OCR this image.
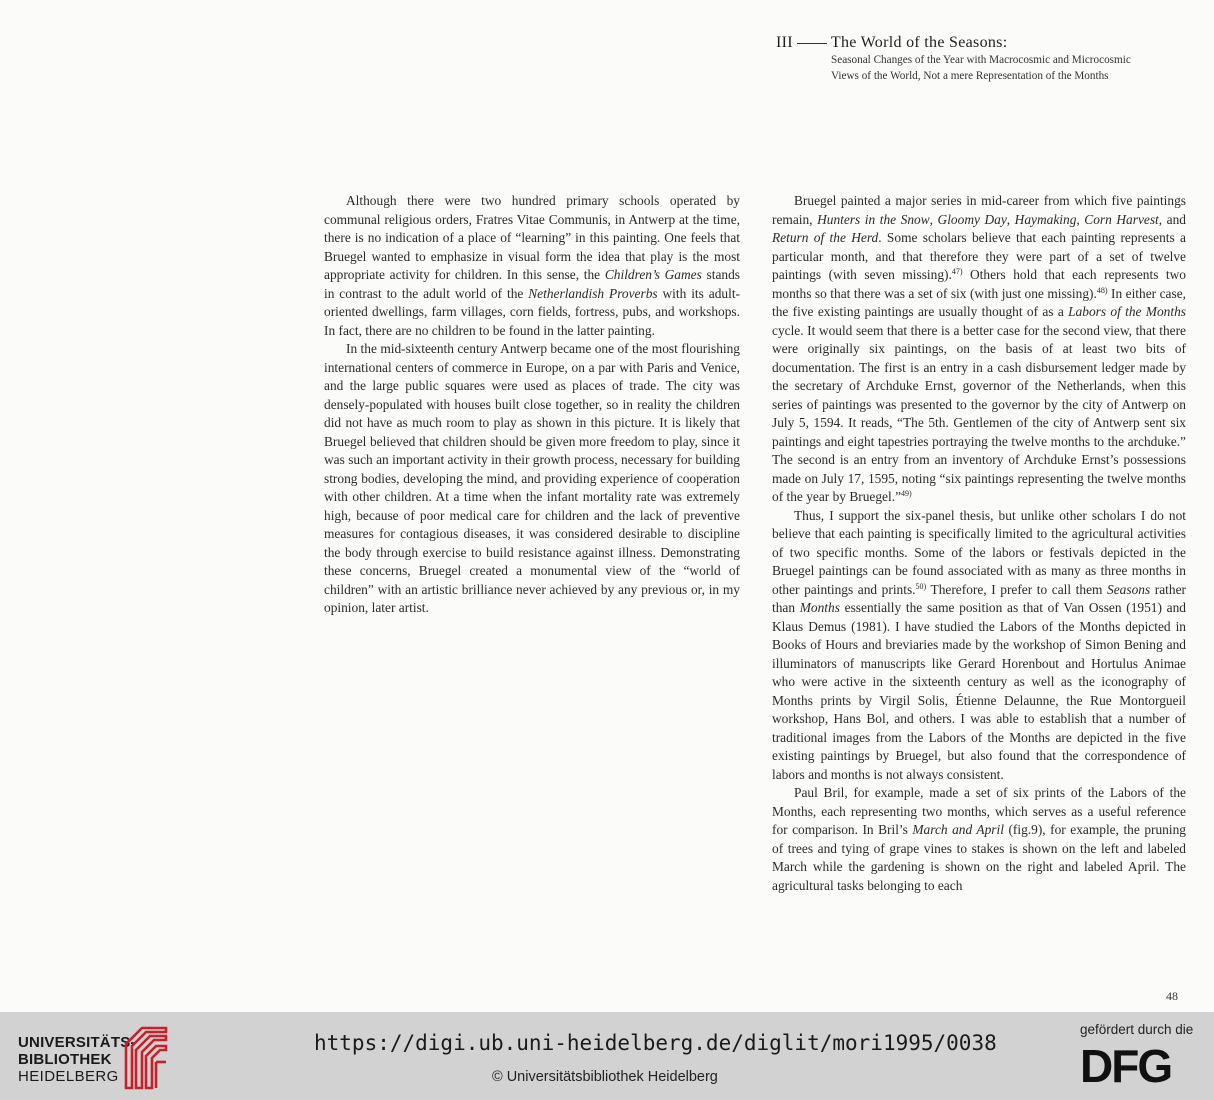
III The World of the Seasons:
Seasonal Changes of the Year with Macrocosmic and Microcosmic
Views of the World, Not a mere Representation of the Months

Although there were two hundred primary schools operated by communal religious orders, Fratres Vitae Communis, in Antwerp at the time, there is no indication of a place of “learning” in this painting. One feels that Bruegel wanted to emphasize in visual form the idea that play is the most appropriate activity for children. In this sense, the Children’s Games stands in contrast to the adult world of the Netherlandish Proverbs with its adult-oriented dwellings, farm villages, corn fields, fortress, pubs, and workshops. In fact, there are no children to be found in the latter painting.

In the mid-sixteenth century Antwerp became one of the most flourishing international centers of commerce in Europe, on a par with Paris and Venice, and the large public squares were used as places of trade. The city was densely-populated with houses built close together, so in reality the children did not have as much room to play as shown in this picture. It is likely that Bruegel believed that children should be given more freedom to play, since it was such an important activity in their growth process, necessary for building strong bodies, developing the mind, and providing experience of cooperation with other children. At a time when the infant mortality rate was extremely high, because of poor medical care for children and the lack of preventive measures for contagious diseases, it was considered desirable to discipline the body through exercise to build resistance against illness. Demonstrating these concerns, Bruegel created a monumental view of the “world of children” with an artistic brilliance never achieved by any previous or, in my opinion, later artist.

Bruegel painted a major series in mid-career from which five paintings remain, Hunters in the Snow, Gloomy Day, Haymaking, Corn Harvest, and Return of the Herd. Some scholars believe that each painting represents a particular month, and that therefore they were part of a set of twelve paintings (with seven missing).$^{47)}$ Others hold that each represents two months so that there was a set of six (with just one missing).$^{48)}$ In either case, the five existing paintings are usually thought of as a Labors of the Months cycle. It would seem that there is a better case for the second view, that there were originally six paintings, on the basis of at least two bits of documentation. The first is an entry in a cash disbursement ledger made by the secretary of Archduke Ernst, governor of the Netherlands, when this series of paintings was presented to the governor by the city of Antwerp on July 5, 1594. It reads, “The 5th. Gentlemen of the city of Antwerp sent six paintings and eight tapestries portraying the twelve months to the archduke.” The second is an entry from an inventory of Archduke Ernst’s possessions made on July 17, 1595, noting “six paintings representing the twelve months of the year by Bruegel.”$^{49)}$

Thus, I support the six-panel thesis, but unlike other scholars I do not believe that each painting is specifically limited to the agricultural activities of two specific months. Some of the labors or festivals depicted in the Bruegel paintings can be found associated with as many as three months in other paintings and prints.$^{50)}$ Therefore, I prefer to call them Seasons rather than Months essentially the same position as that of Van Ossen (1951) and Klaus Demus (1981). I have studied the Labors of the Months depicted in Books of Hours and breviaries made by the workshop of Simon Bening and illuminators of manuscripts like Gerard Horenbout and Hortulus Animae who were active in the sixteenth century as well as the iconography of Months prints by Virgil Solis, Étienne Delaunne, the Rue Montorgueil workshop, Hans Bol, and others. I was able to establish that a number of traditional images from the Labors of the Months are depicted in the five existing paintings by Bruegel, but also found that the correspondence of labors and months is not always consistent.

Paul Bril, for example, made a set of six prints of the Labors of the Months, each representing two months, which serves as a useful reference for comparison. In Bril’s March and April (fig.9), for example, the pruning of trees and tying of grape vines to stakes is shown on the left and labeled March while the gardening is shown on the right and labeled April. The agricultural tasks belonging to each

48
UNIVERSITÄTS-
BIBLIOTHEK
HEIDELBERG
https://digi.ub.uni-heidelberg.de/diglit/mori1995/0038
© Universitätsbibliothek Heidelberg
gefördert durch die
DFG
